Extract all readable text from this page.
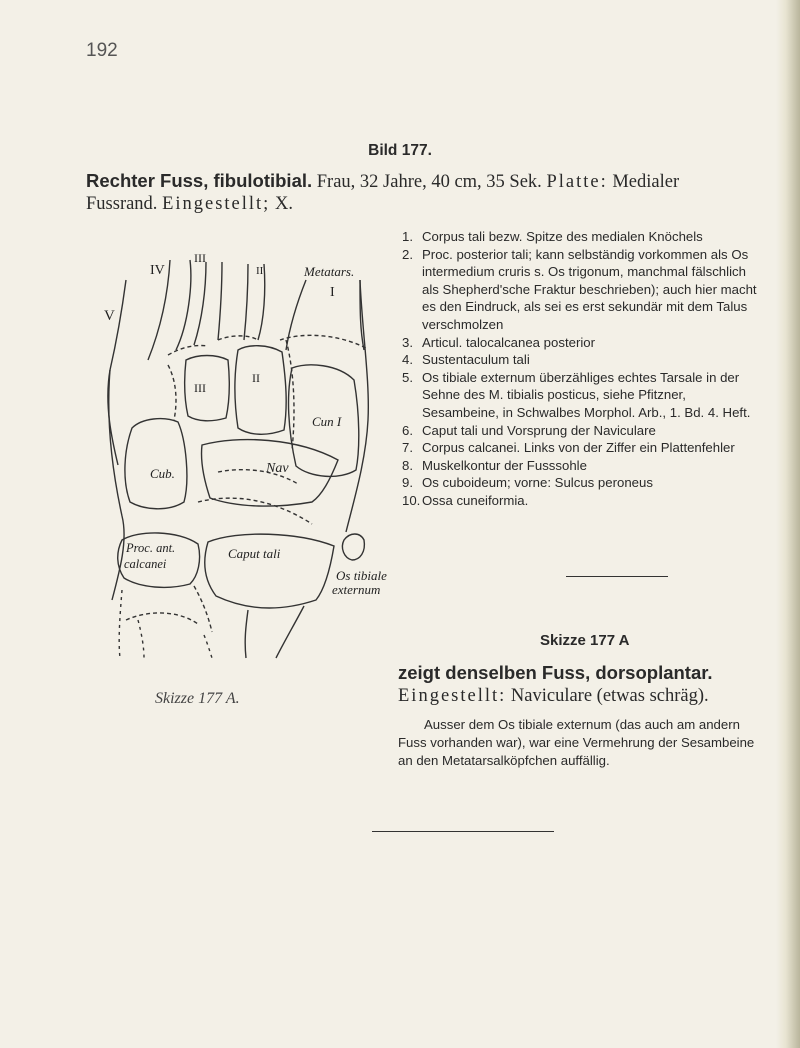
192
Bild 177.
Rechter Fuss, fibulotibial. Frau, 32 Jahre, 40 cm, 35 Sek. Platte: Medialer Fussrand. Eingestellt; X.
V
IV
III
II	Metatars.
I
III
II
Cun I
Cub.	Nav
Proc. ant.
calcanei
Caput tali
Os tibiale
externum
Skizze 177 A.
1. Corpus tali bezw. Spitze des medialen Knöchels
2. Proc. posterior tali; kann selbständig vorkommen als Os intermedium cruris s. Os trigonum, manchmal fälschlich als Shepherd'sche Fraktur beschrieben); auch hier macht es den Eindruck, als sei es erst sekundär mit dem Talus verschmolzen
3. Articul. talocalcanea posterior
4. Sustentaculum tali
5. Os tibiale externum überzähliges echtes Tarsale in der Sehne des M. tibialis posticus, siehe Pfitzner, Sesambeine, in Schwalbes Morphol. Arb., 1. Bd. 4. Heft.
6. Caput tali und Vorsprung der Naviculare
7. Corpus calcanei. Links von der Ziffer ein Plattenfehler
8. Muskelkontur der Fusssohle
9. Os cuboideum; vorne: Sulcus peroneus
10. Ossa cuneiformia.
Skizze 177 A
zeigt denselben Fuss, dorsoplantar. Eingestellt: Naviculare (etwas schräg).
Ausser dem Os tibiale externum (das auch am andern Fuss vorhanden war), war eine Vermehrung der Sesambeine an den Metatarsalköpfchen auffällig.
